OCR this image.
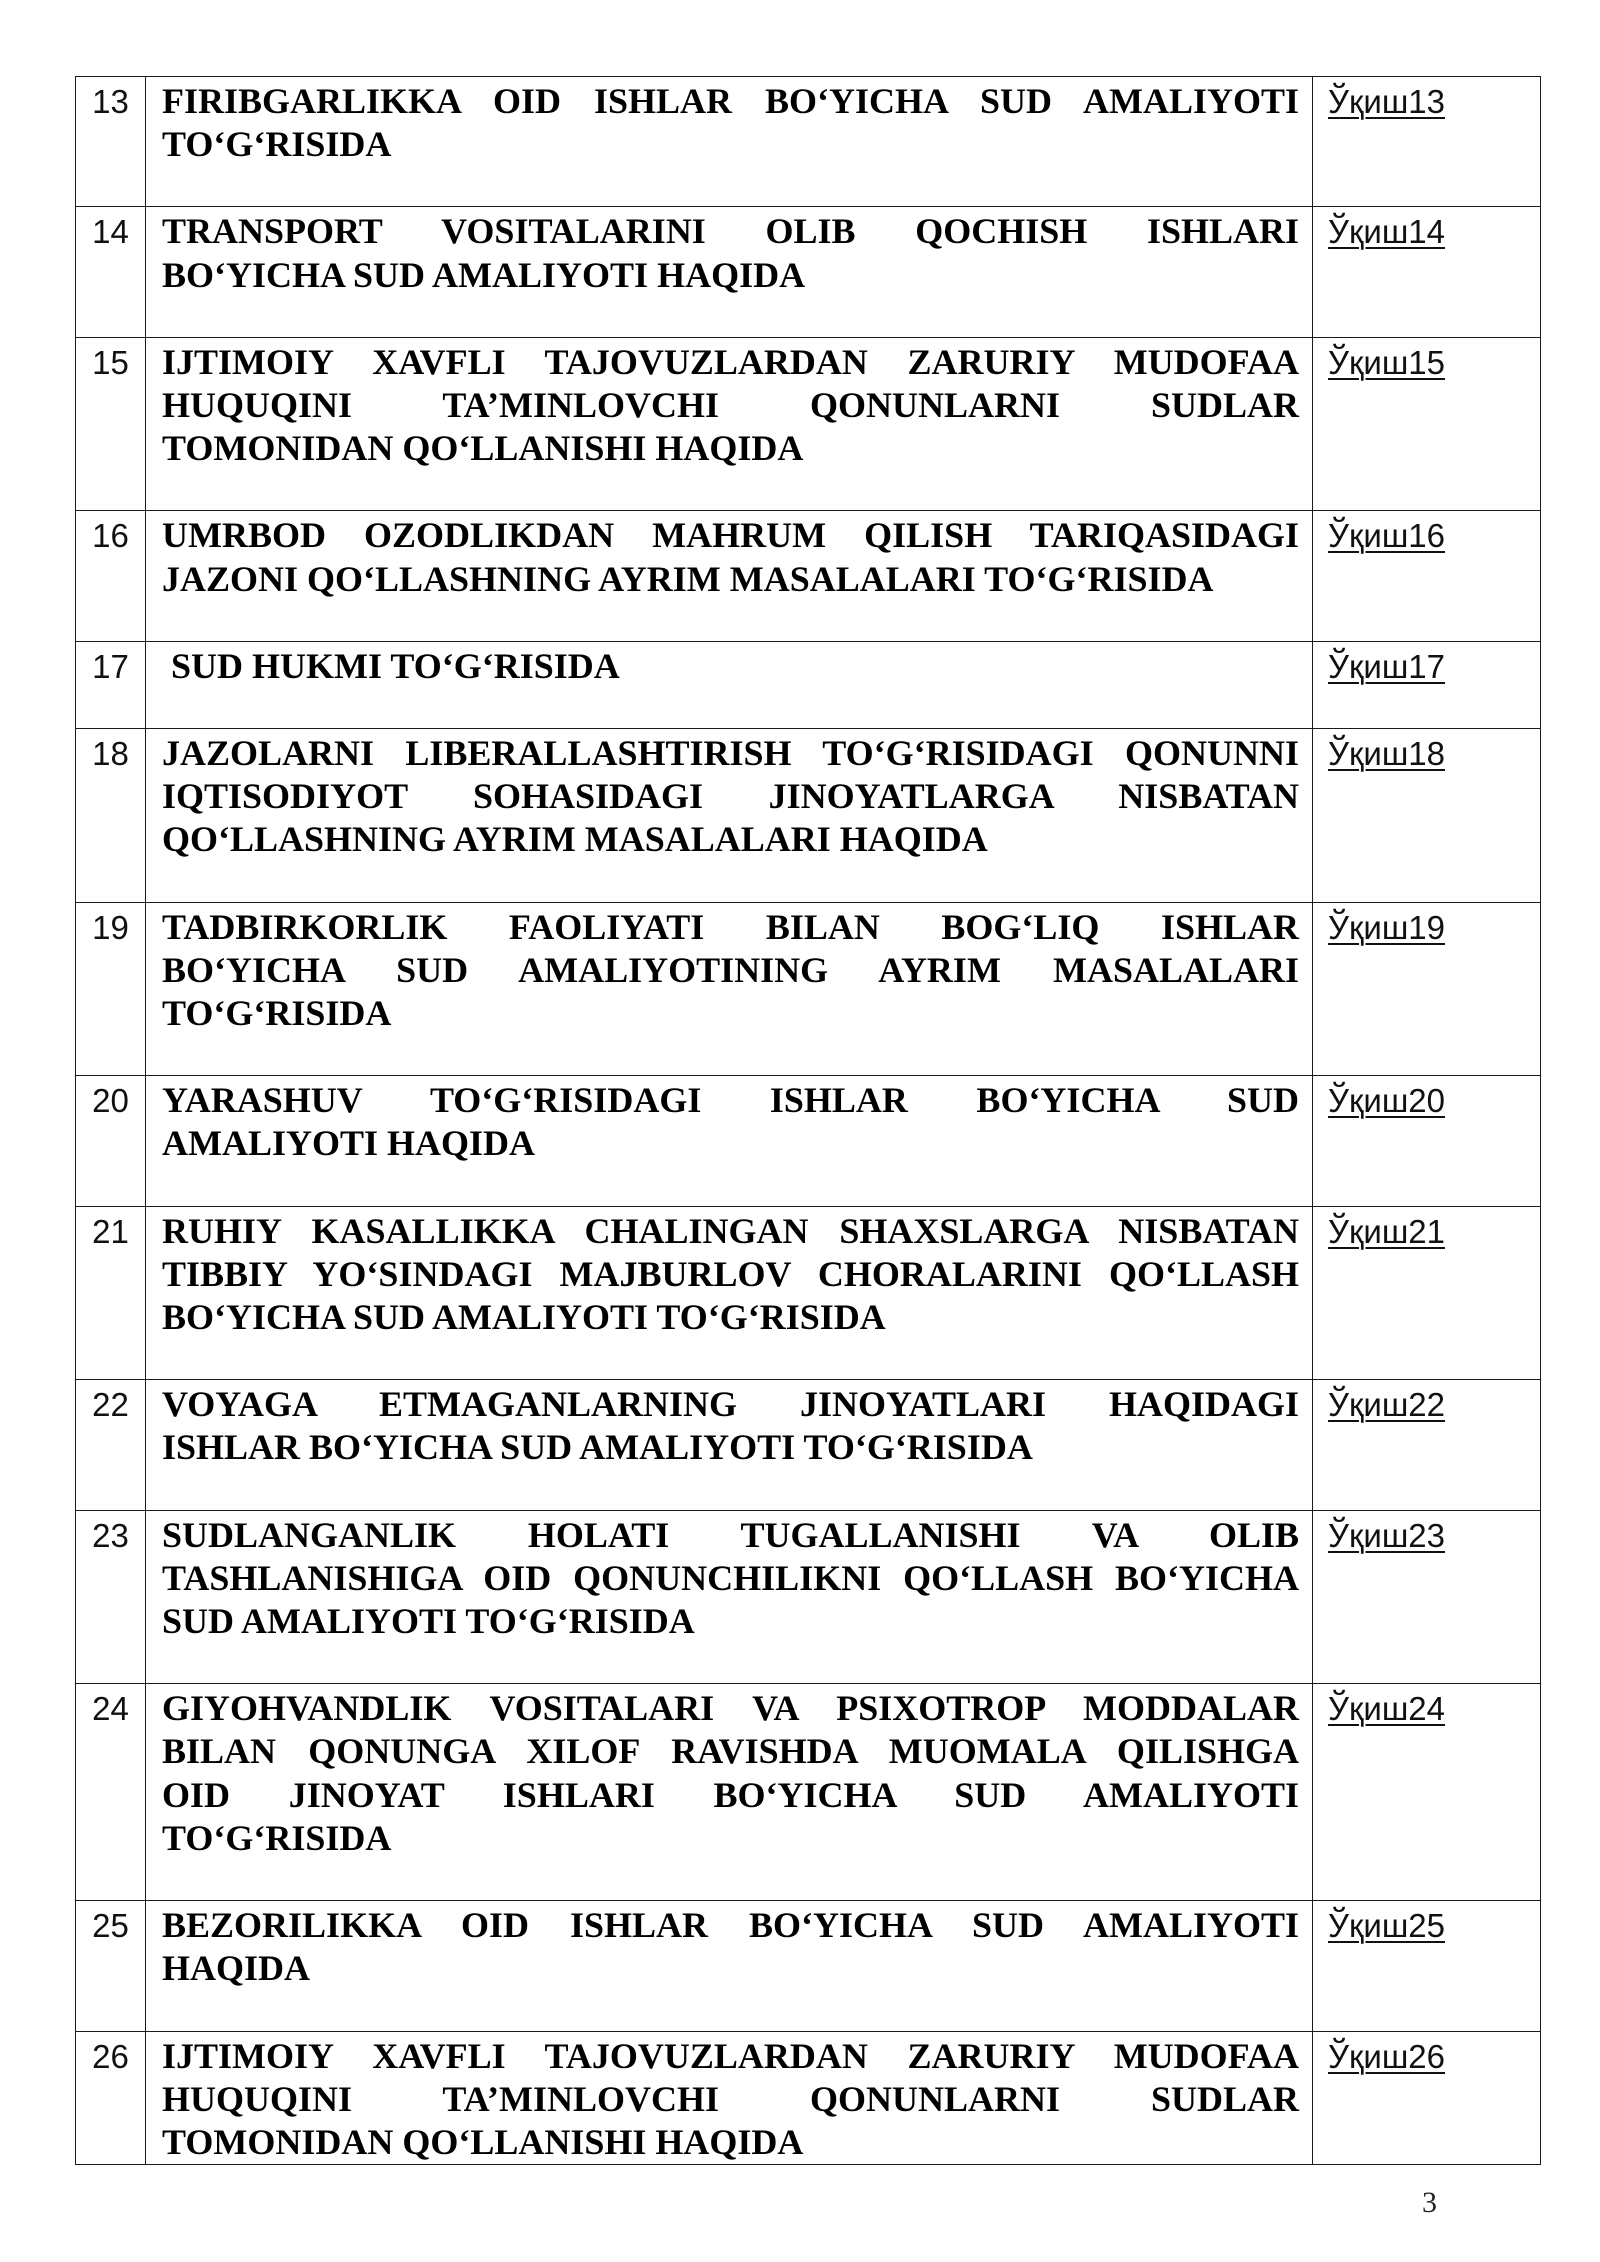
13	FIRIBGARLIKKA OID ISHLAR BO‘YICHA SUD AMALIYOTI
TO‘G‘RISIDA	Ўқиш13
14	TRANSPORT VOSITALARINI OLIB QOCHISH ISHLARI
BO‘YICHA SUD AMALIYOTI HAQIDA	Ўқиш14
15	IJTIMOIY XAVFLI TAJOVUZLARDAN ZARURIY MUDOFAA
HUQUQINI TA’MINLOVCHI QONUNLARNI SUDLAR
TOMONIDAN QO‘LLANISHI HAQIDA	Ўқиш15
16	UMRBOD OZODLIKDAN MAHRUM QILISH TARIQASIDAGI
JAZONI QO‘LLASHNING AYRIM MASALALARI TO‘G‘RISIDA	Ўқиш16
17	SUD HUKMI TO‘G‘RISIDA	Ўқиш17
18	JAZOLARNI LIBERALLASHTIRISH TO‘G‘RISIDAGI QONUNNI
IQTISODIYOT SOHASIDAGI JINOYATLARGA NISBATAN
QO‘LLASHNING AYRIM MASALALARI HAQIDA	Ўқиш18
19	TADBIRKORLIK FAOLIYATI BILAN BOG‘LIQ ISHLAR
BO‘YICHA SUD AMALIYOTINING AYRIM MASALALARI
TO‘G‘RISIDA	Ўқиш19
20	YARASHUV TO‘G‘RISIDAGI ISHLAR BO‘YICHA SUD
AMALIYOTI HAQIDA	Ўқиш20
21	RUHIY KASALLIKKA CHALINGAN SHAXSLARGA NISBATAN
TIBBIY YO‘SINDAGI MAJBURLOV CHORALARINI QO‘LLASH
BO‘YICHA SUD AMALIYOTI TO‘G‘RISIDA	Ўқиш21
22	VOYAGA ETMAGANLARNING JINOYATLARI HAQIDAGI
ISHLAR BO‘YICHA SUD AMALIYOTI TO‘G‘RISIDA	Ўқиш22
23	SUDLANGANLIK HOLATI TUGALLANISHI VA OLIB
TASHLANISHIGA OID QONUNCHILIKNI QO‘LLASH BO‘YICHA
SUD AMALIYOTI TO‘G‘RISIDA	Ўқиш23
24	GIYOHVANDLIK VOSITALARI VA PSIXOTROP MODDALAR
BILAN QONUNGA XILOF RAVISHDA MUOMALA QILISHGA
OID JINOYAT ISHLARI BO‘YICHA SUD AMALIYOTI
TO‘G‘RISIDA	Ўқиш24
25	BEZORILIKKA OID ISHLAR BO‘YICHA SUD AMALIYOTI
HAQIDA	Ўқиш25
26	IJTIMOIY XAVFLI TAJOVUZLARDAN ZARURIY MUDOFAA
HUQUQINI TA’MINLOVCHI QONUNLARNI SUDLAR
TOMONIDAN QO‘LLANISHI HAQIDA	Ўқиш26
3
